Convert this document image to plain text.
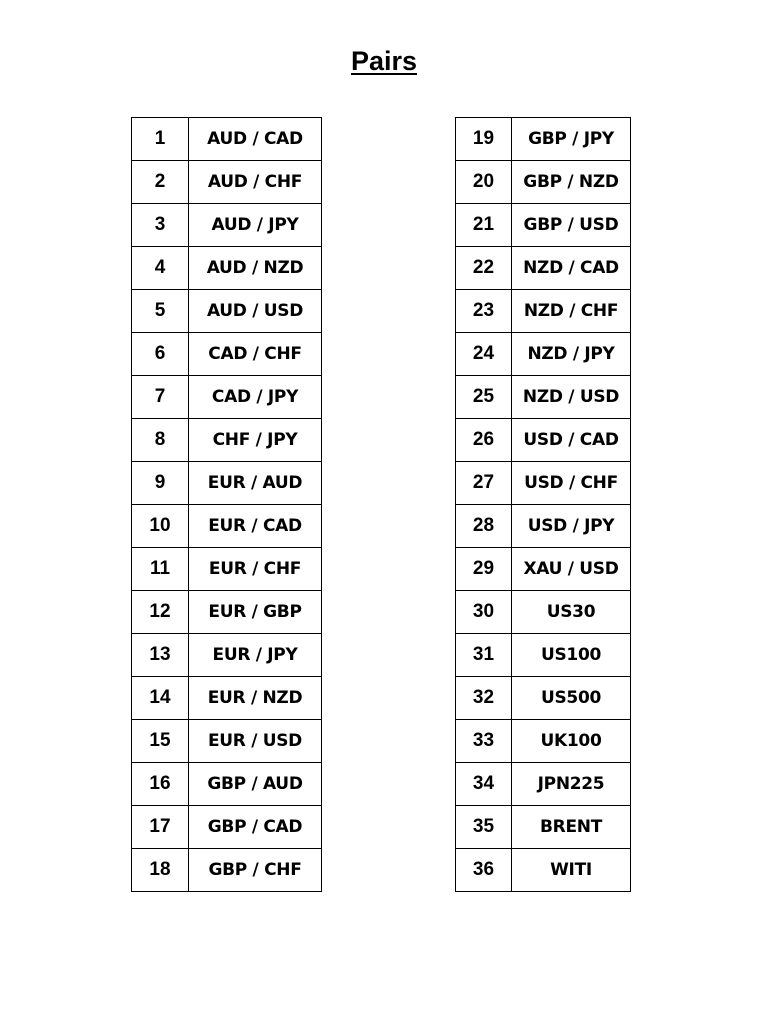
Pairs
1	AUD / CAD
2	AUD / CHF
3	AUD / JPY
4	AUD / NZD
5	AUD / USD
6	CAD / CHF
7	CAD / JPY
8	CHF / JPY
9	EUR / AUD
10	EUR / CAD
11	EUR / CHF
12	EUR / GBP
13	EUR / JPY
14	EUR / NZD
15	EUR / USD
16	GBP / AUD
17	GBP / CAD
18	GBP / CHF
19	GBP / JPY
20	GBP / NZD
21	GBP / USD
22	NZD / CAD
23	NZD / CHF
24	NZD / JPY
25	NZD / USD
26	USD / CAD
27	USD / CHF
28	USD / JPY
29	XAU / USD
30	US30
31	US100
32	US500
33	UK100
34	JPN225
35	BRENT
36	WITI
